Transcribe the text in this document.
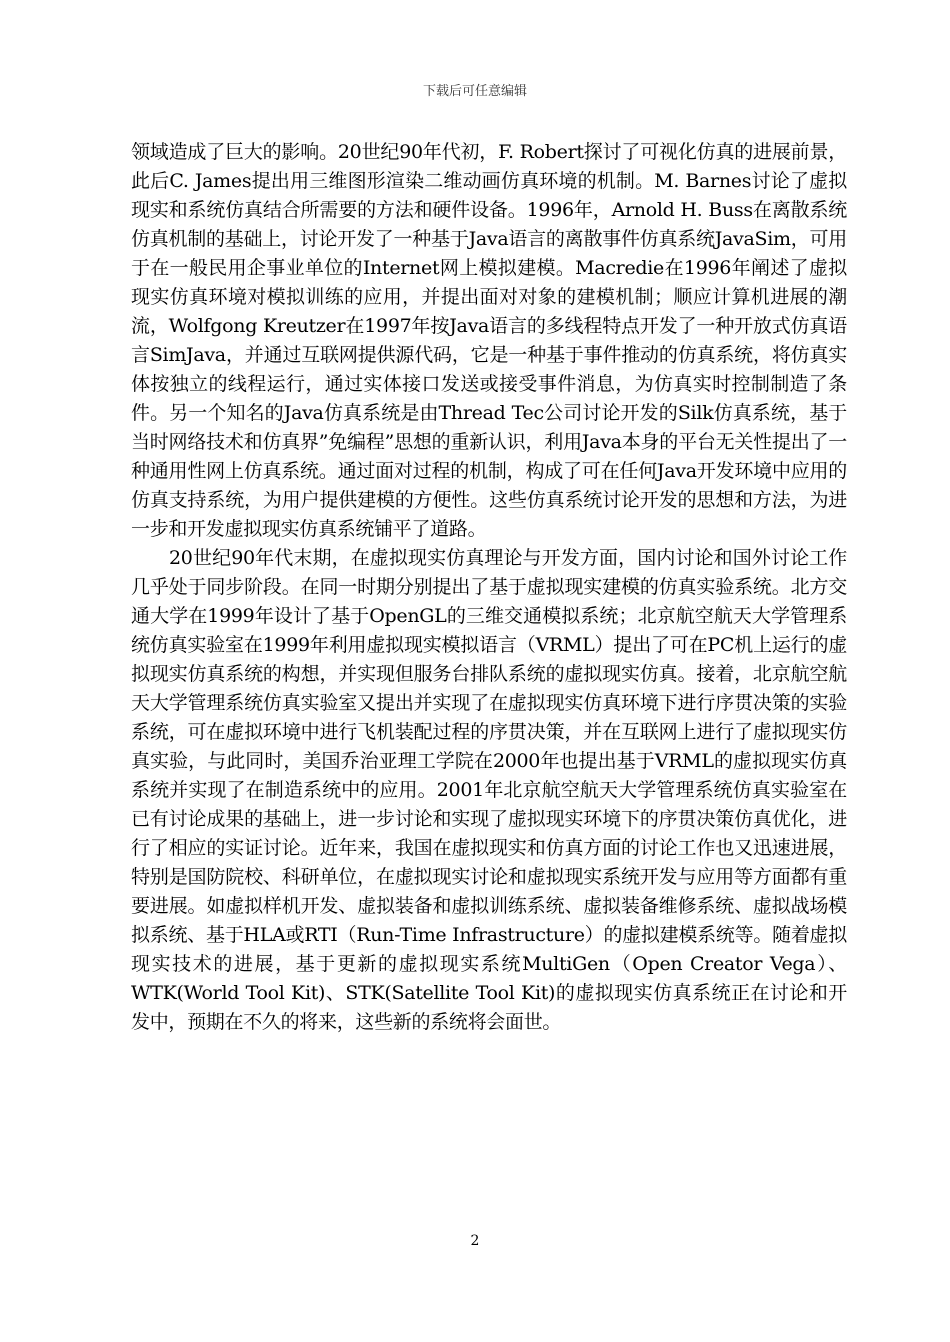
下载后可任意编辑

领域造成了巨大的影响。20世纪90年代初，F. Robert探讨了可视化仿真的进展前景，此后C. James提出用三维图形渲染二维动画仿真环境的机制。M. Barnes讨论了虚拟现实和系统仿真结合所需要的方法和硬件设备。1996年，Arnold H. Buss在离散系统仿真机制的基础上，讨论开发了一种基于Java语言的离散事件仿真系统JavaSim，可用于在一般民用企事业单位的Internet网上模拟建模。Macredie在1996年阐述了虚拟现实仿真环境对模拟训练的应用，并提出面对对象的建模机制；顺应计算机进展的潮流，Wolfgong Kreutzer在1997年按Java语言的多线程特点开发了一种开放式仿真语言SimJava，并通过互联网提供源代码，它是一种基于事件推动的仿真系统，将仿真实体按独立的线程运行，通过实体接口发送或接受事件消息，为仿真实时控制制造了条件。另一个知名的Java仿真系统是由Thread Tec公司讨论开发的Silk仿真系统，基于当时网络技术和仿真界”免编程”思想的重新认识，利用Java本身的平台无关性提出了一种通用性网上仿真系统。通过面对过程的机制，构成了可在任何Java开发环境中应用的仿真支持系统，为用户提供建模的方便性。这些仿真系统讨论开发的思想和方法，为进一步和开发虚拟现实仿真系统铺平了道路。

20世纪90年代末期，在虚拟现实仿真理论与开发方面，国内讨论和国外讨论工作几乎处于同步阶段。在同一时期分别提出了基于虚拟现实建模的仿真实验系统。北方交通大学在1999年设计了基于OpenGL的三维交通模拟系统；北京航空航天大学管理系统仿真实验室在1999年利用虚拟现实模拟语言（VRML）提出了可在PC机上运行的虚拟现实仿真系统的构想，并实现但服务台排队系统的虚拟现实仿真。接着，北京航空航天大学管理系统仿真实验室又提出并实现了在虚拟现实仿真环境下进行序贯决策的实验系统，可在虚拟环境中进行飞机装配过程的序贯决策，并在互联网上进行了虚拟现实仿真实验，与此同时，美国乔治亚理工学院在2000年也提出基于VRML的虚拟现实仿真系统并实现了在制造系统中的应用。2001年北京航空航天大学管理系统仿真实验室在已有讨论成果的基础上，进一步讨论和实现了虚拟现实环境下的序贯决策仿真优化，进行了相应的实证讨论。近年来，我国在虚拟现实和仿真方面的讨论工作也又迅速进展，特别是国防院校、科研单位，在虚拟现实讨论和虚拟现实系统开发与应用等方面都有重要进展。如虚拟样机开发、虚拟装备和虚拟训练系统、虚拟装备维修系统、虚拟战场模拟系统、基于HLA或RTI（Run-Time Infrastructure）的虚拟建模系统等。随着虚拟现实技术的进展，基于更新的虚拟现实系统MultiGen（Open Creator Vega）、WTK(World Tool Kit)、STK(Satellite Tool Kit)的虚拟现实仿真系统正在讨论和开发中，预期在不久的将来，这些新的系统将会面世。

2
